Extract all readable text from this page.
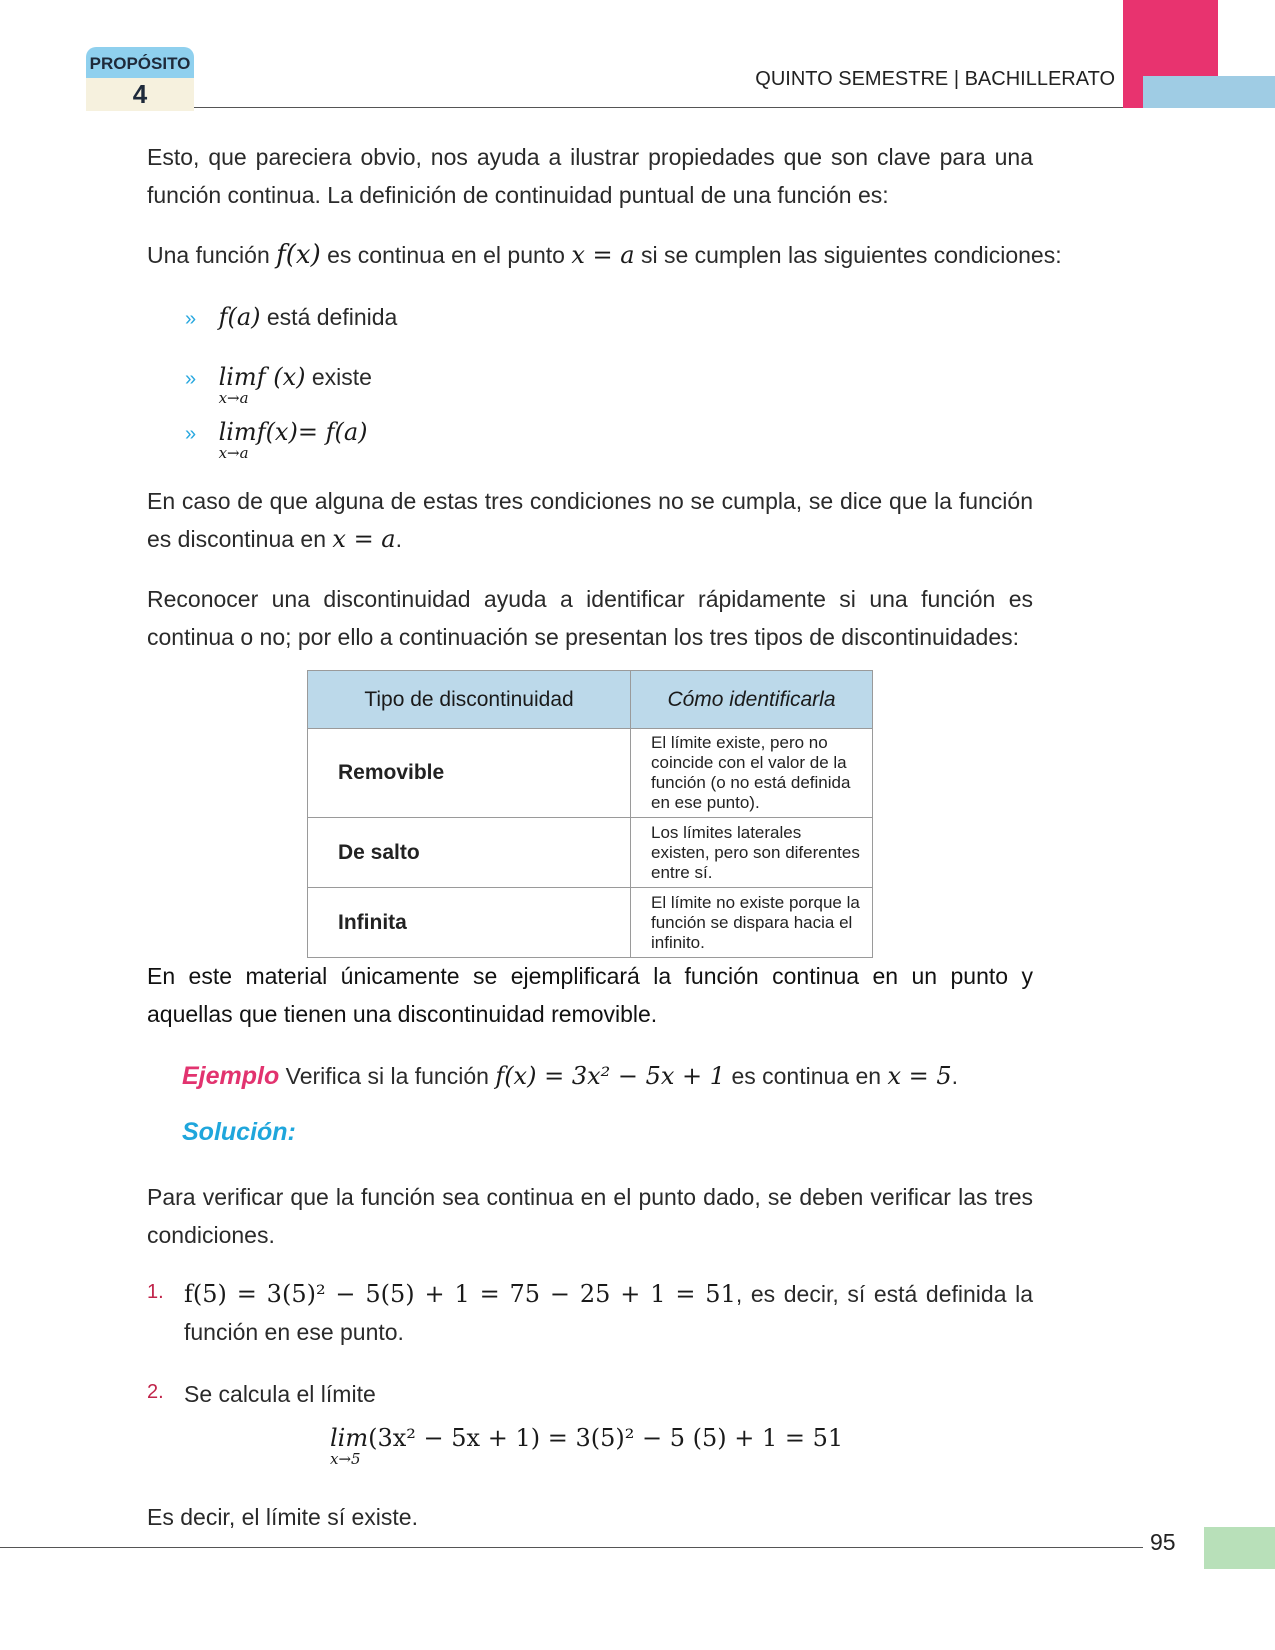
PROPÓSITO
4	QUINTO SEMESTRE | BACHILLERATO
Esto, que pareciera obvio, nos ayuda a ilustrar propiedades que son clave para una función continua. La definición de continuidad puntual de una función es:
Una función f(x) es continua en el punto x = a si se cumplen las siguientes condiciones:
» f(a) está definida
» lim
x→a
f (x) existe
» lim
x→a
f(x)= f(a)
En caso de que alguna de estas tres condiciones no se cumpla, se dice que la función es discontinua en x = a.
Reconocer una discontinuidad ayuda a identificar rápidamente si una función es continua o no; por ello a continuación se presentan los tres tipos de discontinuidades:
Tipo de discontinuidad	Cómo identificarla
Removible	El límite existe, pero no coincide con el valor de la función (o no está definida en ese punto).
De salto	Los límites laterales existen, pero son diferentes entre sí.
Infinita	El límite no existe porque la función se dispara hacia el infinito.
En este material únicamente se ejemplificará la función continua en un punto y aquellas que tienen una discontinuidad removible.
Ejemplo Verifica si la función f(x) = 3x² − 5x + 1 es continua en x = 5.
Solución:
Para verificar que la función sea continua en el punto dado, se deben verificar las tres condiciones.
1. f(5) = 3(5)² − 5(5) + 1 = 75 − 25 + 1 = 51, es decir, sí está definida la función en ese punto.
2. Se calcula el límite
lim
x→5
(3x² − 5x + 1) = 3(5)² − 5 (5) + 1 = 51
Es decir, el límite sí existe.
95
